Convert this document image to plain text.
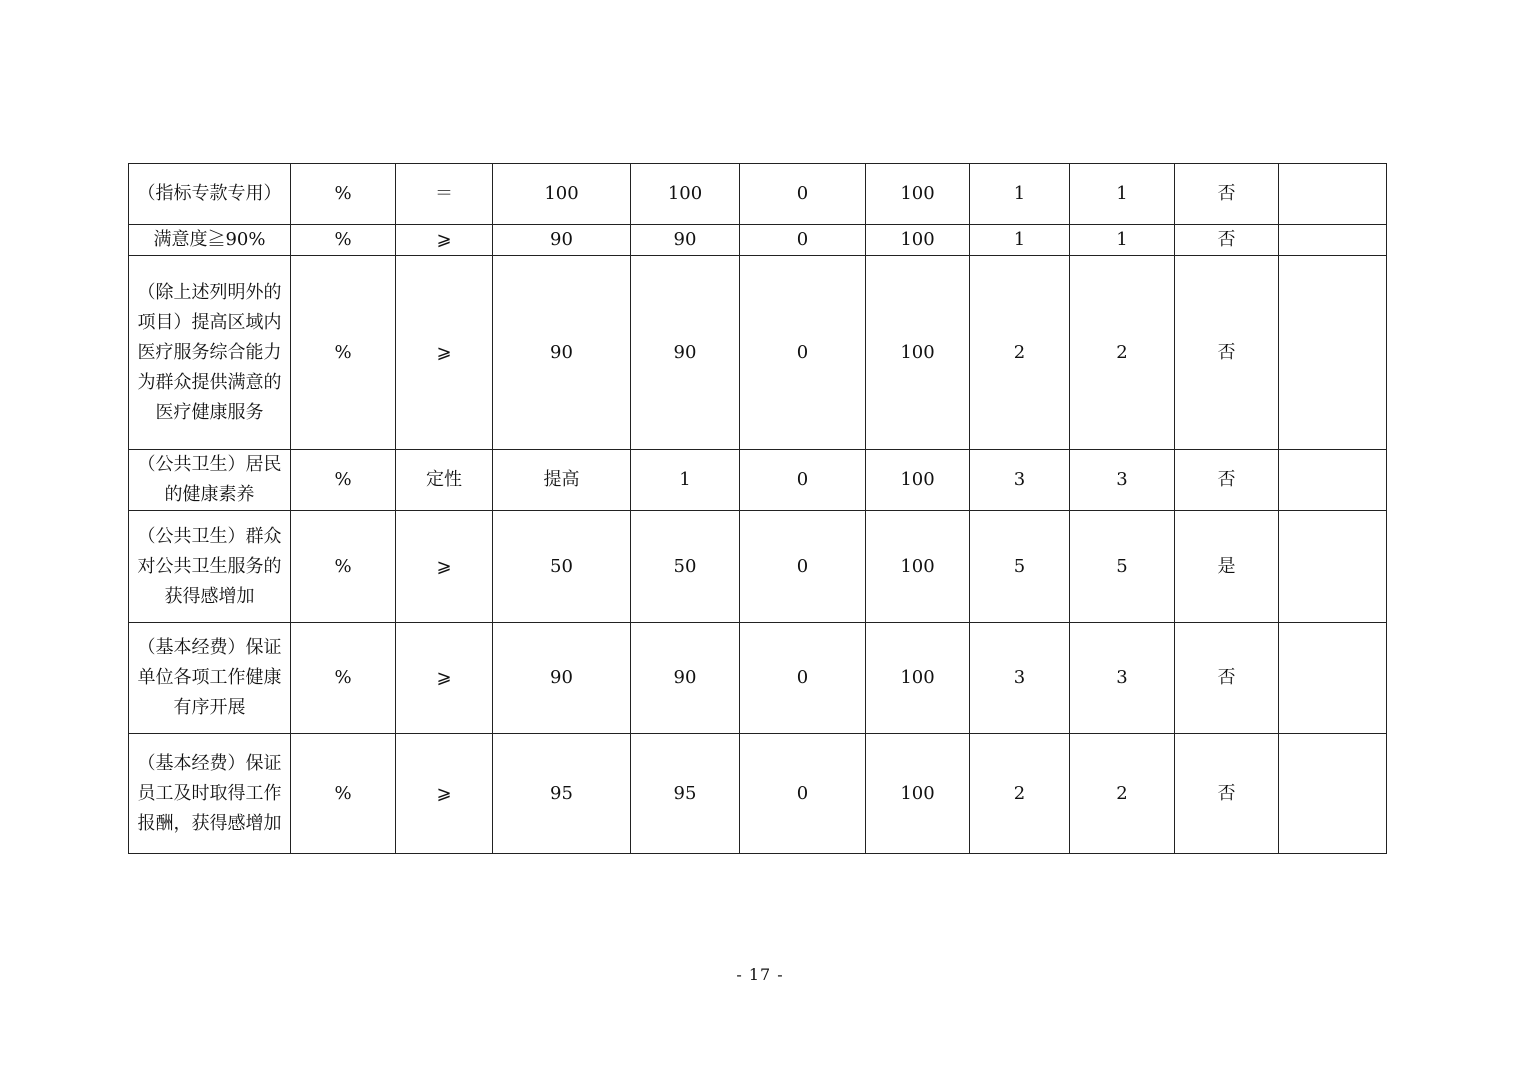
（指标专款专用）	%	＝	100	100	0	100	1	1	否	
满意度≧90%	%	⩾	90	90	0	100	1	1	否	
（除上述列明外的项目）提高区域内医疗服务综合能力为群众提供满意的医疗健康服务	%	⩾	90	90	0	100	2	2	否	
（公共卫生）居民的健康素养	%	定性	提高	1	0	100	3	3	否	
（公共卫生）群众对公共卫生服务的获得感增加	%	⩾	50	50	0	100	5	5	是	
（基本经费）保证单位各项工作健康有序开展	%	⩾	90	90	0	100	3	3	否	
（基本经费）保证员工及时取得工作报酬，获得感增加	%	⩾	95	95	0	100	2	2	否	
- 17 -
